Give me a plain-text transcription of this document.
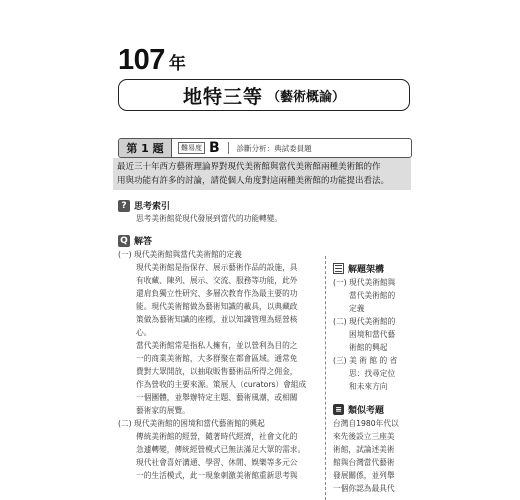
107 年
地特三等 （藝術概論）
第 1 題	難易度 B 診斷分析：典試委員題
最近三十年西方藝術理論界對現代美術館與當代美術館兩種美術館的作
用與功能有許多的討論，請從個人角度對這兩種美術館的功能提出看法。
? 思考索引
思考美術館從現代發展到當代的功能轉變。
Q 解答
(一) 現代美術館與當代美術館的定義
現代美術館是指保存、展示藝術作品的設施，具
有收藏、陳列、展示、交流、服務等功能，此外
還肩負獨立性研究、多層次教育作為最主要的功
能。現代美術館做為藝術知識的載具，以典藏政
策做為藝術知識的座標，並以知識管理為經營核
心。
當代美術館常是指私人擁有，並以營利為目的之
一的商業美術館，大多群聚在都會區域。通常免
費對大眾開放，以抽取販售藝術品所得之佣金，
作為營收的主要來源。策展人（curators）會組成
一個團體，並舉辦特定主題、藝術風潮，或相關
藝術家的展覽。
(二) 現代美術館的困境和當代藝術館的興起
傳統美術館的經營，隨著時代經濟，社會文化的
急遽轉變，傳統經營模式已無法滿足大眾的需求。
現代社會喜好溝通、學習、休閒、娛樂等多元公
一的生活模式，此一現象刺激美術館重新思考與
解題架構
(一) 現代美術館與
當代美術館的
定義
(二) 現代美術館的
困境和當代藝
術館的興起
(三) 美 術 館 的 省
思：找尋定位
和未來方向
≡ 類似考題
台灣自1980年代以
來先後設立三座美
術館，試論述美術
館與台灣當代藝術
發展關係，並列舉
一個你認為最具代
